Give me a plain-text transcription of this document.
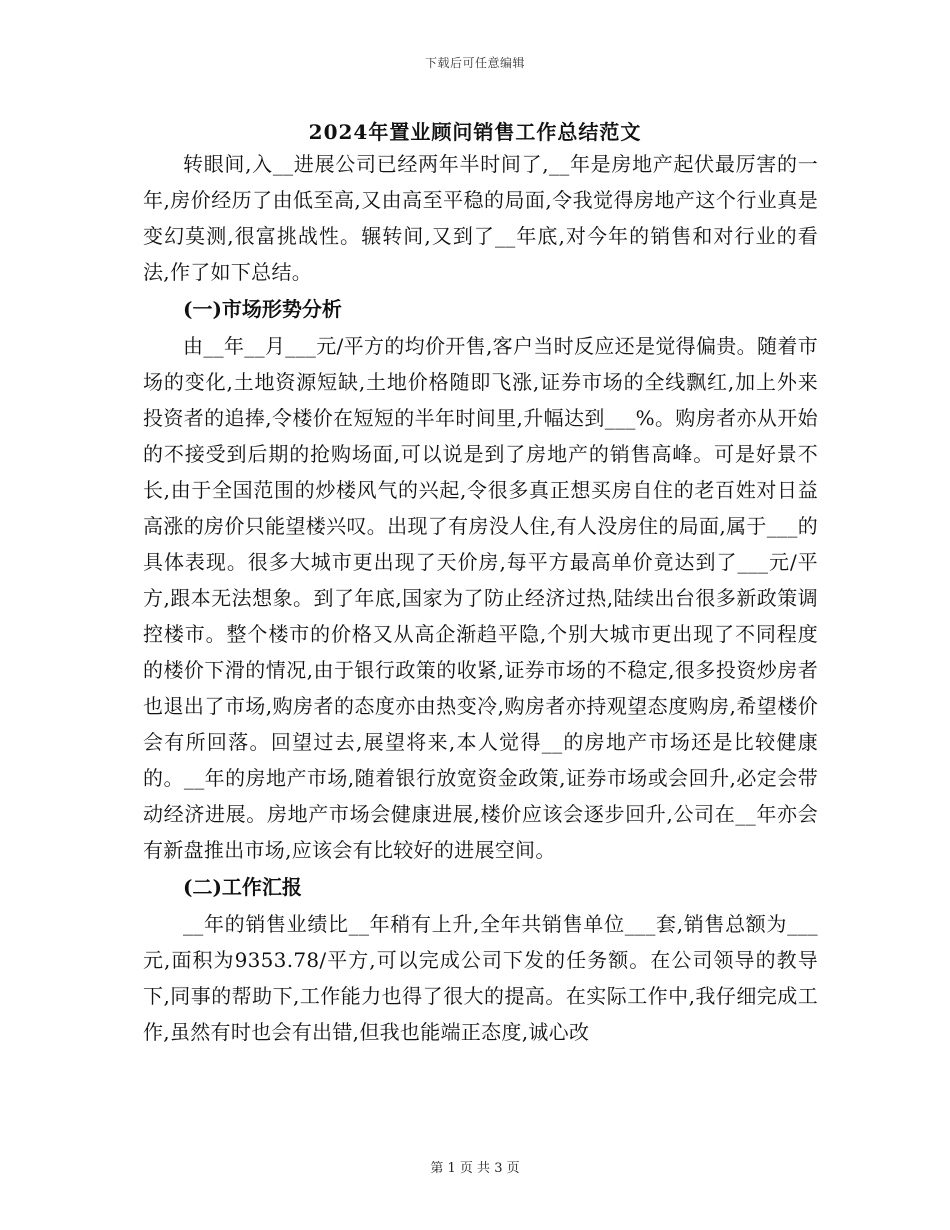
下载后可任意编辑
2024年置业顾问销售工作总结范文

转眼间,入__进展公司已经两年半时间了,__年是房地产起伏最厉害的一年,房价经历了由低至高,又由高至平稳的局面,令我觉得房地产这个行业真是变幻莫测,很富挑战性。辗转间,又到了__年底,对今年的销售和对行业的看法,作了如下总结。

(一)市场形势分析

由__年__月___元/平方的均价开售,客户当时反应还是觉得偏贵。随着市场的变化,土地资源短缺,土地价格随即飞涨,证券市场的全线飘红,加上外来投资者的追捧,令楼价在短短的半年时间里,升幅达到___%。购房者亦从开始的不接受到后期的抢购场面,可以说是到了房地产的销售高峰。可是好景不长,由于全国范围的炒楼风气的兴起,令很多真正想买房自住的老百姓对日益高涨的房价只能望楼兴叹。出现了有房没人住,有人没房住的局面,属于___的具体表现。很多大城市更出现了天价房,每平方最高单价竟达到了___元/平方,跟本无法想象。到了年底,国家为了防止经济过热,陆续出台很多新政策调控楼市。整个楼市的价格又从高企渐趋平隐,个别大城市更出现了不同程度的楼价下滑的情况,由于银行政策的收紧,证券市场的不稳定,很多投资炒房者也退出了市场,购房者的态度亦由热变冷,购房者亦持观望态度购房,希望楼价会有所回落。回望过去,展望将来,本人觉得__的房地产市场还是比较健康的。__年的房地产市场,随着银行放宽资金政策,证券市场或会回升,必定会带动经济进展。房地产市场会健康进展,楼价应该会逐步回升,公司在__年亦会有新盘推出市场,应该会有比较好的进展空间。

(二)工作汇报

__年的销售业绩比__年稍有上升,全年共销售单位___套,销售总额为___元,面积为9353.78/平方,可以完成公司下发的任务额。在公司领导的教导下,同事的帮助下,工作能力也得了很大的提高。在实际工作中,我仔细完成工作,虽然有时也会有出错,但我也能端正态度,诚心改

第 1 页 共 3 页
